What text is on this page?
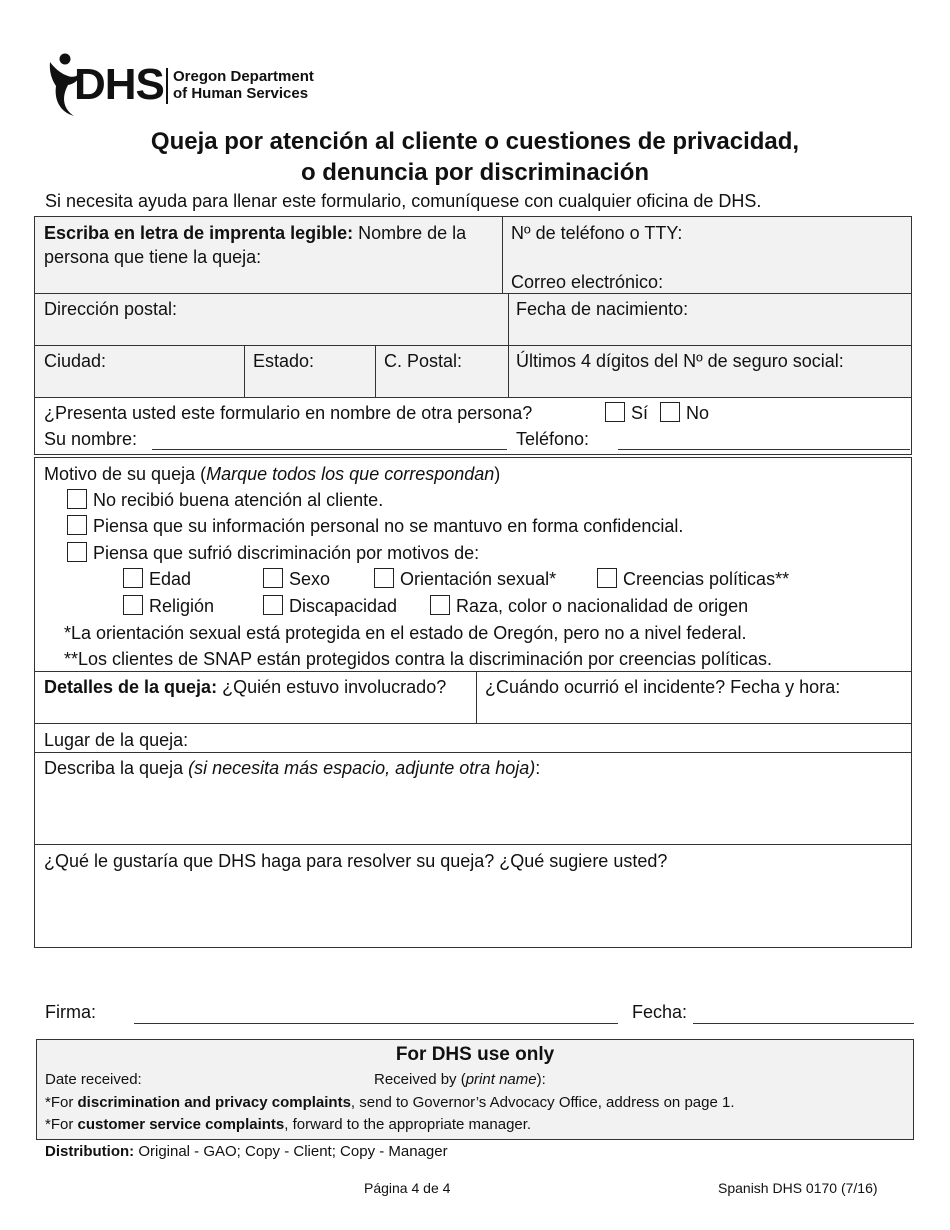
DHS Oregon Department
of Human Services
Queja por atención al cliente o cuestiones de privacidad,
o denuncia por discriminación
Si necesita ayuda para llenar este formulario, comuníquese con cualquier oficina de DHS.
Escriba en letra de imprenta legible: Nombre de la
persona que tiene la queja:
Nº de teléfono o TTY:
Correo electrónico:
Dirección postal:	Fecha de nacimiento:
Ciudad:	Estado:	C. Postal:	Últimos 4 dígitos del Nº de seguro social:
¿Presenta usted este formulario en nombre de otra persona?	Sí	No
Su nombre:	Teléfono:
Motivo de su queja (Marque todos los que correspondan)
No recibió buena atención al cliente.
Piensa que su información personal no se mantuvo en forma confidencial.
Piensa que sufrió discriminación por motivos de:
Edad	Sexo	Orientación sexual*	Creencias políticas**
Religión	Discapacidad	Raza, color o nacionalidad de origen
*La orientación sexual está protegida en el estado de Oregón, pero no a nivel federal.
**Los clientes de SNAP están protegidos contra la discriminación por creencias políticas.
Detalles de la queja: ¿Quién estuvo involucrado? ¿Cuándo ocurrió el incidente? Fecha y hora:
Lugar de la queja:
Describa la queja (si necesita más espacio, adjunte otra hoja):
¿Qué le gustaría que DHS haga para resolver su queja? ¿Qué sugiere usted?
Firma:	Fecha:
For DHS use only
Date received:	Received by (print name):
*For discrimination and privacy complaints, send to Governor’s Advocacy Office, address on page 1.
*For customer service complaints, forward to the appropriate manager.
Distribution: Original - GAO; Copy - Client; Copy - Manager
Página 4 de 4	Spanish DHS 0170 (7/16)
